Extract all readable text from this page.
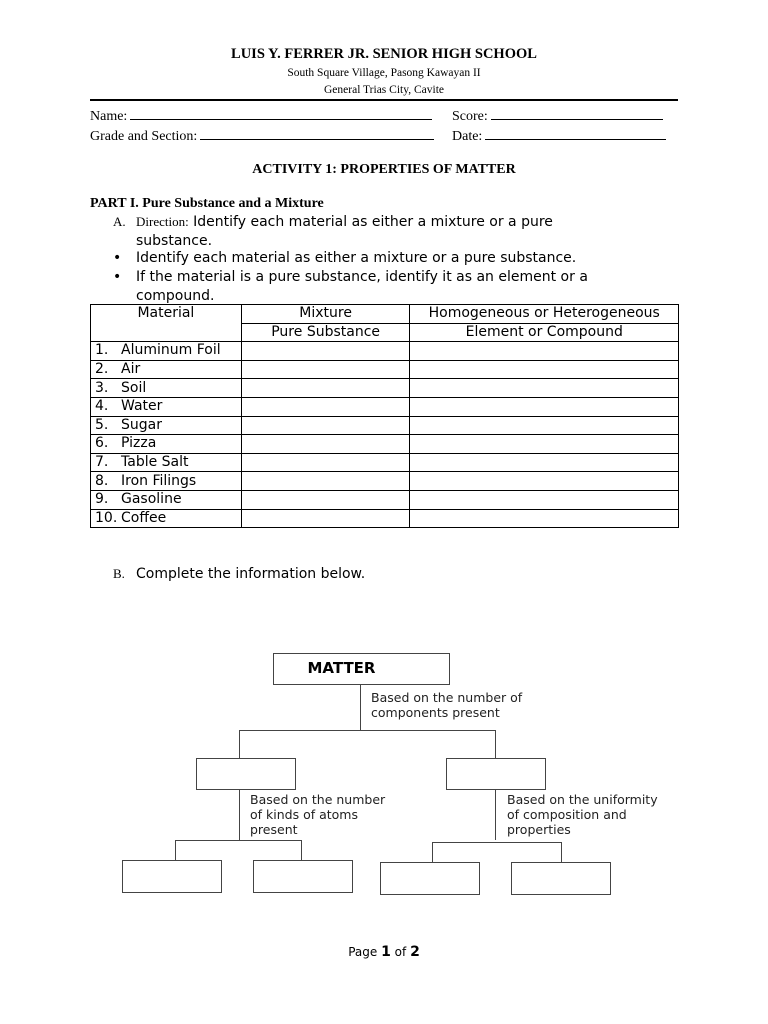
LUIS Y. FERRER JR. SENIOR HIGH SCHOOL
South Square Village, Pasong Kawayan II
General Trias City, Cavite
Name:	Score:
Grade and Section:	Date:
ACTIVITY 1: PROPERTIES OF MATTER
PART I. Pure Substance and a Mixture
A. Direction: Identify each material as either a mixture or a pure substance.
• Identify each material as either a mixture or a pure substance.
• If the material is a pure substance, identify it as an element or a compound.
Material	Mixture	Homogeneous or Heterogeneous
	Pure Substance	Element or Compound
1. Aluminum Foil		
2. Air		
3. Soil		
4. Water		
5. Sugar		
6. Pizza		
7. Table Salt		
8. Iron Filings		
9. Gasoline		
10. Coffee		
B. Complete the information below.
MATTER
Based on the number of
components present
Based on the number
of kinds of atoms
present
Based on the uniformity
of composition and
properties
Page 1 of 2
